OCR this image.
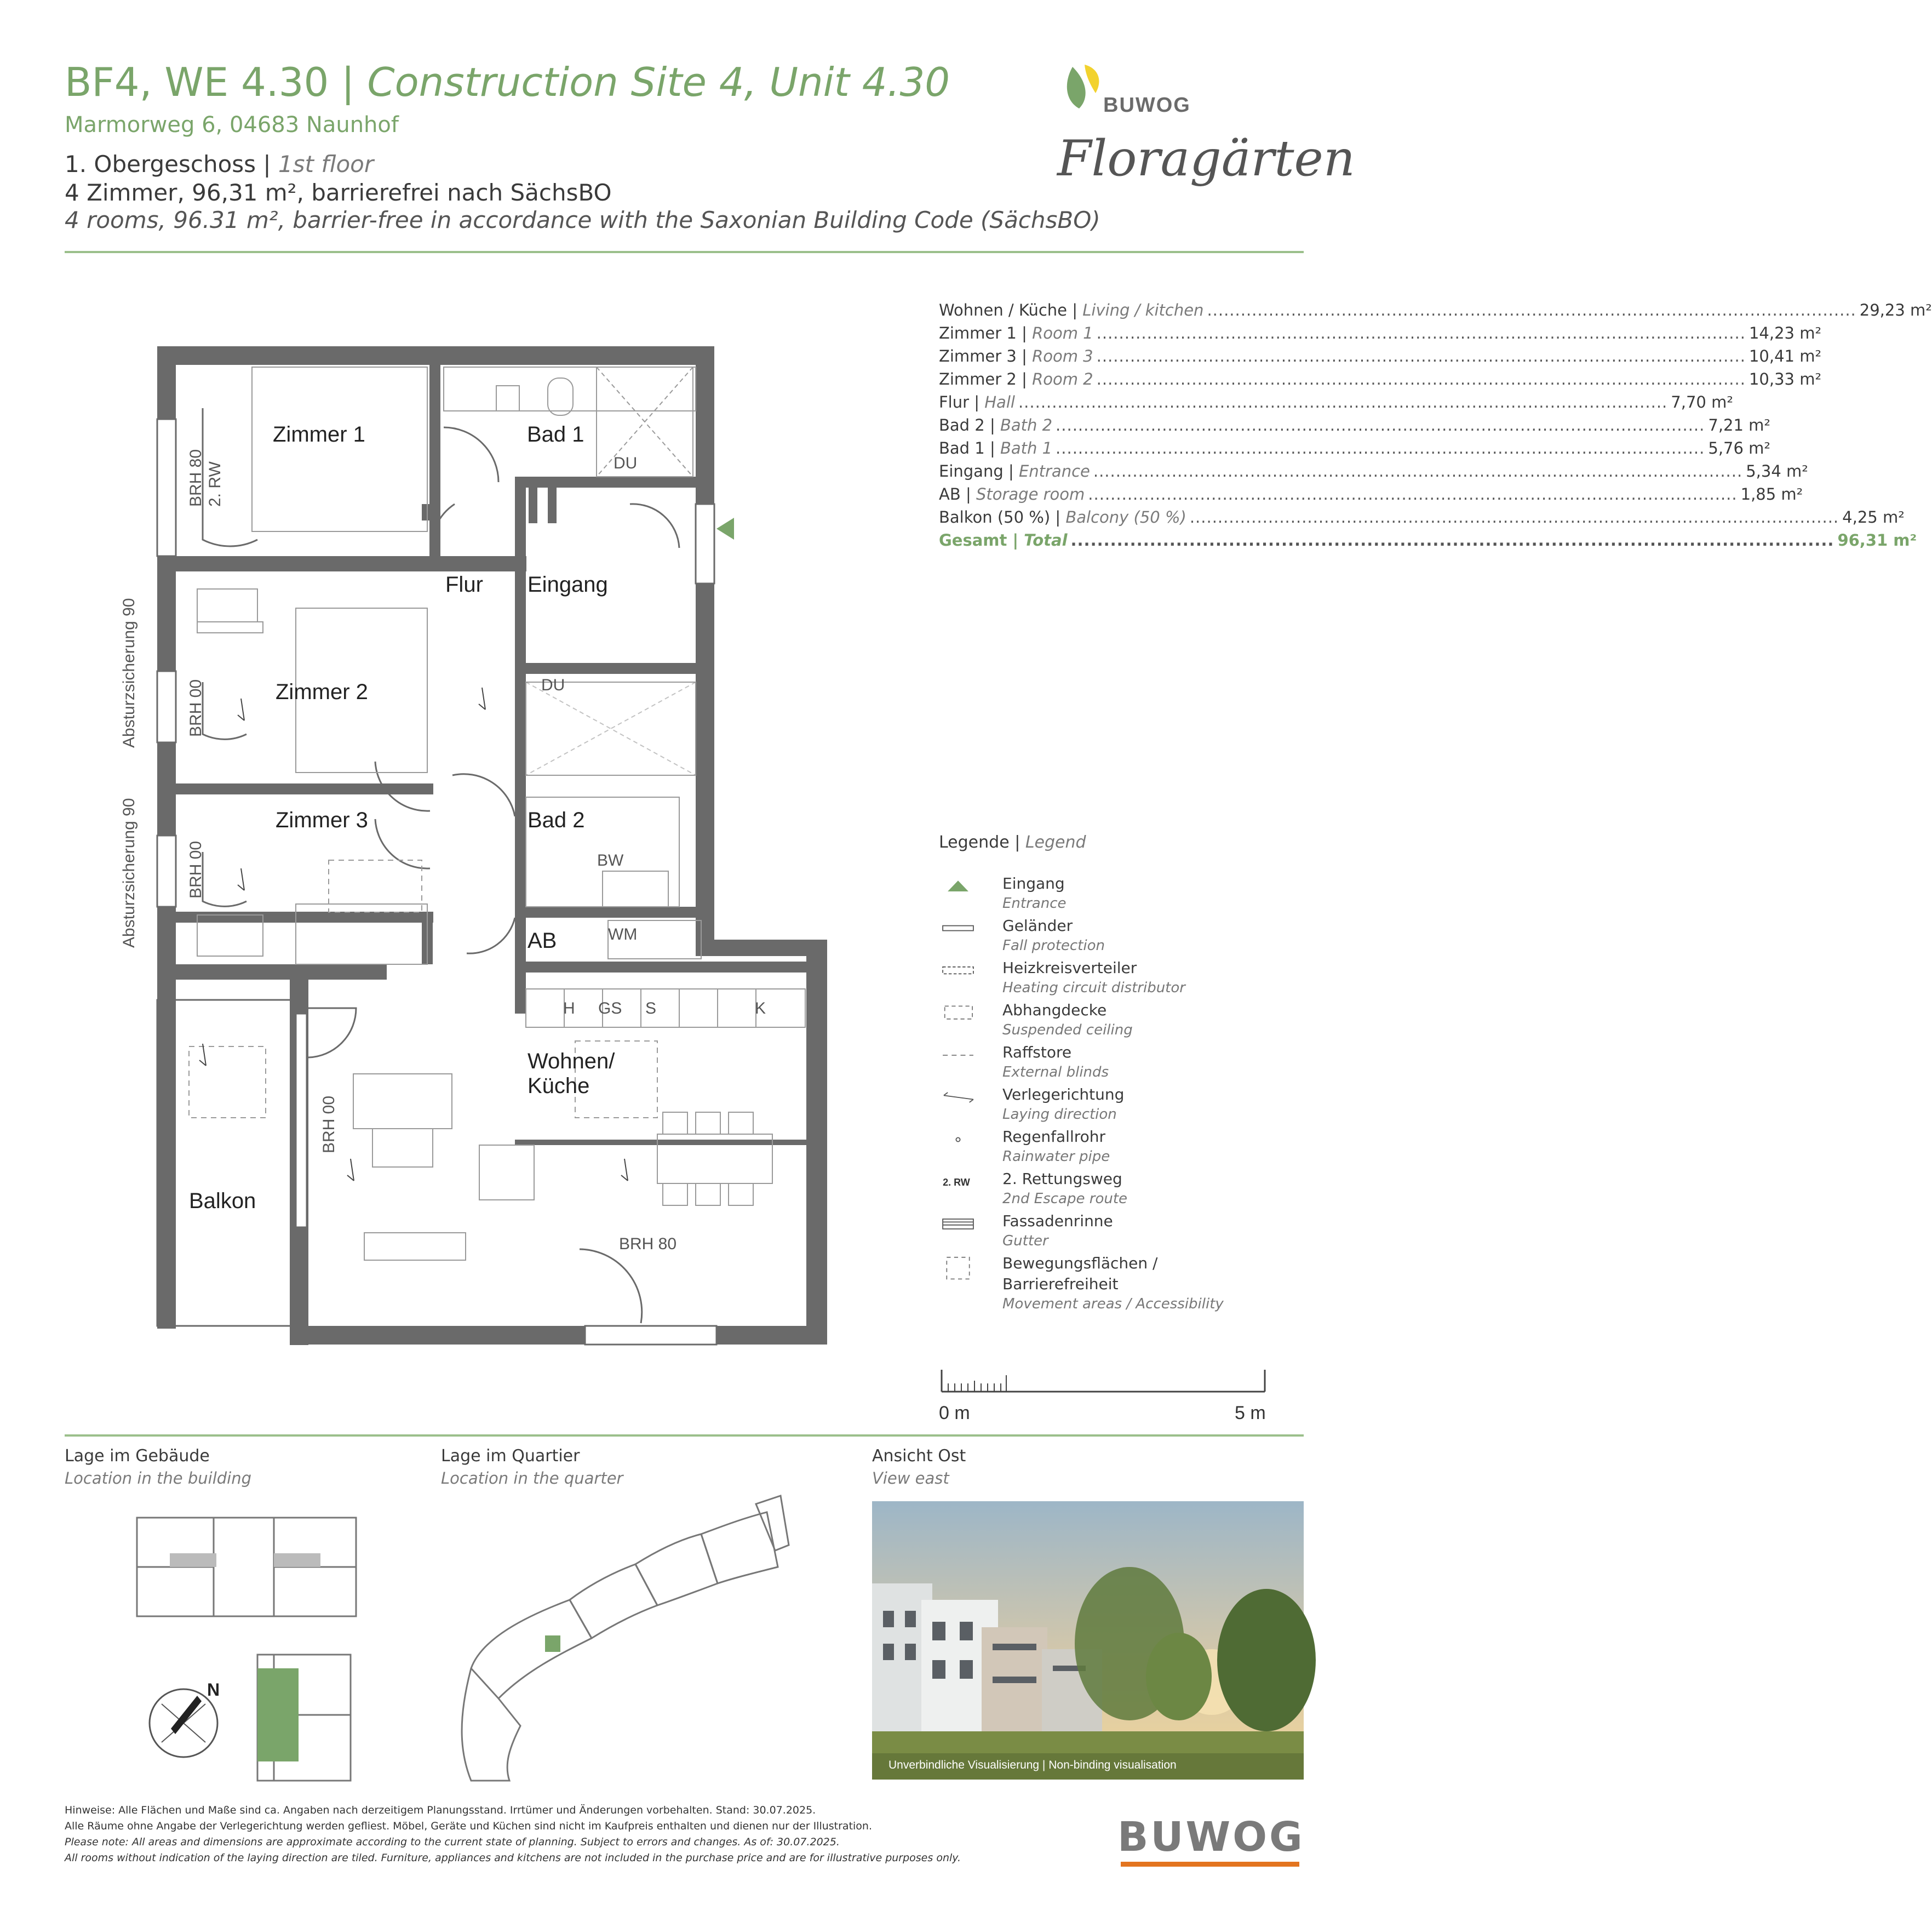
BF4, WE 4.30 | Construction Site 4, Unit 4.30
Marmorweg 6, 04683 Naunhof
1. Obergeschoss | 1st floor
4 Zimmer, 96,31 m², barrierefrei nach SächsBO
4 rooms, 96.31 m², barrier-free in accordance with the Saxonian Building Code (SächsBO)
BUWOG
Floragärten
Wohnen / Küche | Living / kitchen .....	29,23 m²
Zimmer 1 | Room 1 .....	14,23 m²
Zimmer 3 | Room 3 .....	10,41 m²
Zimmer 2 | Room 2 .....	10,33 m²
Flur | Hall .....	7,70 m²
Bad 2 | Bath 2 .....	7,21 m²
Bad 1 | Bath 1 .....	5,76 m²
Eingang | Entrance .....	5,34 m²
AB | Storage room .....	1,85 m²
Balkon (50 %) | Balcony (50 %) .....	4,25 m²
Gesamt | Total .....	96,31 m²
Zimmer 1	Bad 1
Flur Eingang
Zimmer 2
Zimmer 3	Bad 2
AB
Wohnen/
Küche
Balkon
DU
DU
BW
WM
H GS S	K
BRH 80 2. RW
BRH 00
BRH 00
BRH 00
BRH 80
Absturzsicherung 90
Absturzsicherung 90
Legende | Legend
Eingang
Entrance
Geländer
Fall protection
Heizkreisverteiler
Heating circuit distributor
Abhangdecke
Suspended ceiling
Raffstore
External blinds
Verlegerichtung
Laying direction
Regenfallrohr
Rainwater pipe
2. RW 2. Rettungsweg
2nd Escape route
Fassadenrinne
Gutter
Bewegungsflächen /
Barrierefreiheit
Movement areas / Accessibility
0 m	5 m
Lage im Gebäude
Location in the building
Lage im Quartier
Location in the quarter
Ansicht Ost
View east
N
Unverbindliche Visualisierung | Non-binding visualisation
Hinweise: Alle Flächen und Maße sind ca. Angaben nach derzeitigem Planungsstand. Irrtümer und Änderungen vorbehalten. Stand: 30.07.2025.
Alle Räume ohne Angabe der Verlegerichtung werden gefliest. Möbel, Geräte und Küchen sind nicht im Kaufpreis enthalten und dienen nur der Illustration.
Please note: All areas and dimensions are approximate according to the current state of planning. Subject to errors and changes. As of: 30.07.2025.
All rooms without indication of the laying direction are tiled. Furniture, appliances and kitchens are not included in the purchase price and are for illustrative purposes only.	BUWOG
